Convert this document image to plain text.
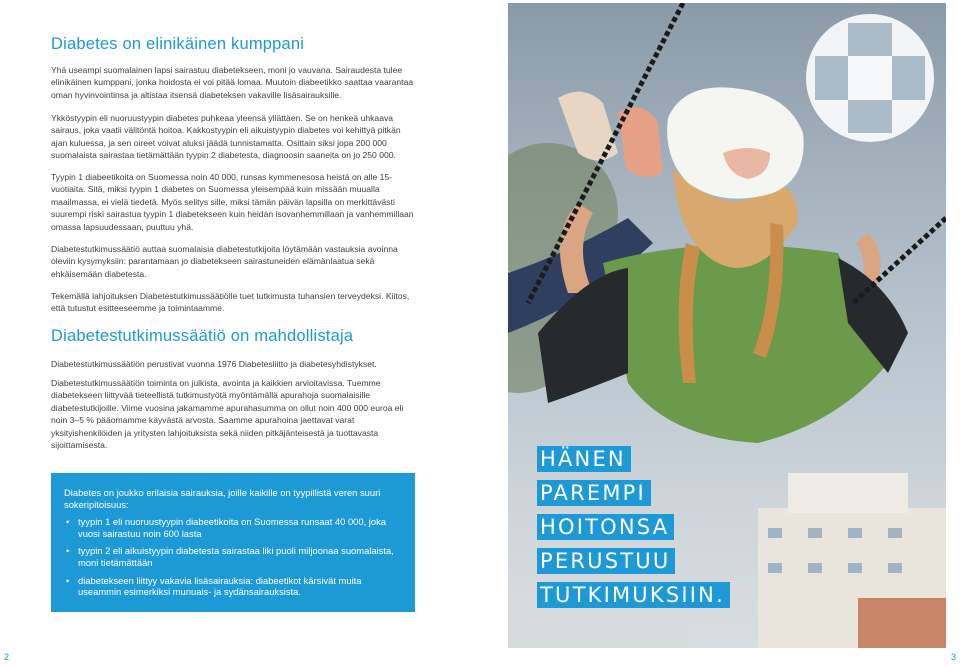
Diabetes on elinikäinen kumppani

Yhä useampi suomalainen lapsi sairastuu diabetekseen, moni jo vauvana. Sairaudesta tulee elinikäinen kumppani, jonka hoidosta ei voi pitää lomaa. Muutoin diabeetikko saattaa vaarantaa oman hyvinvointinsa ja altistaa itsensä diabeteksen vakaville lisäsairauksille.

Ykköstyypin eli nuoruustyypin diabetes puhkeaa yleensä yllättäen. Se on henkeä uhkaava sairaus, joka vaatii välitöntä hoitoa. Kakkostyypin eli aikuistyypin diabetes voi kehittyä pitkän ajan kuluessa, ja sen oireet voivat aluksi jäädä tunnistamatta. Osittain siksi jopa 200 000 suomalaista sairastaa tietämättään tyypin 2 diabetesta, diagnoosin saaneita on jo 250 000.

Tyypin 1 diabeetikoita on Suomessa noin 40 000, runsas kymmenesosa heistä on alle 15-vuotiaita. Sitä, miksi tyypin 1 diabetes on Suomessa yleisempää kuin missään muualla maailmassa, ei vielä tiedetä. Myös selitys sille, miksi tämän päivän lapsilla on merkittävästi suurempi riski sairastua tyypin 1 diabetekseen kuin heidän isovanhemmillaan ja vanhemmillaan omassa lapsuudessaan, puuttuu yhä.

Diabetestutkimussäätiö auttaa suomalaisia diabetestutkijoita löytämään vastauksia avoinna oleviin kysymyksiin: parantamaan jo diabetekseen sairastuneiden elämänlaatua sekä ehkäisemään diabetesta.

Tekemällä lahjoituksen Diabetestutkimussäätiölle tuet tutkimusta tuhansien terveydeksi. Kiitos, että tutustut esitteeseemme ja toimintaamme.

Diabetestutkimussäätiö on mahdollistaja

Diabetestutkimussäätiön perustivat vuonna 1976 Diabetesliitto ja diabetesyhdistykset.

Diabetestutkimussäätiön toiminta on julkista, avointa ja kaikkien arvioitavissa. Tuemme diabetekseen liittyvää tieteellistä tutkimustyötä myöntämällä apurahoja suomalaisille diabetestutkijoille. Viime vuosina jakamamme apurahasumma on ollut noin 400 000 euroa eli noin 3–5 % pääomamme käyvästä arvosta. Saamme apurahoina jaettavat varat yksityishenkilöiden ja yritysten lahjoituksista sekä niiden pitkäjänteisestä ja tuottavasta sijoittamisesta.

Diabetes on joukko erilaisia sairauksia, joille kaikille on tyypillistä veren suuri sokeripitoisuus:

• tyypin 1 eli nuoruustyypin diabeetikoita on Suomessa runsaat 40 000, joka vuosi sairastuu noin 600 lasta
• tyypin 2 eli aikuistyypin diabetesta sairastaa liki puoli miljoonaa suomalaista, moni tietämättään
• diabetekseen liittyy vakavia lisäsairauksia: diabeetikot kärsivät muita useammin esimerkiksi munuais- ja sydänsairauksista.
2
HÄNEN
PAREMPI
HOITONSA
PERUSTUU
TUTKIMUKSIIN.
3
